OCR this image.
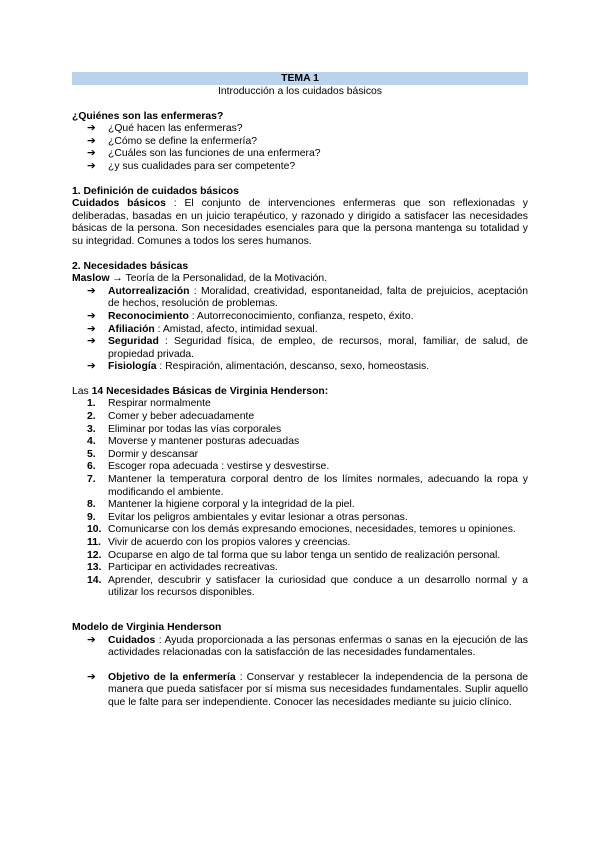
TEMA 1
Introducción a los cuidados básicos
¿Quiénes son las enfermeras?
➔ ¿Qué hacen las enfermeras?
➔ ¿Cómo se define la enfermería?
➔ ¿Cuáles son las funciones de una enfermera?
➔ ¿y sus cualidades para ser competente?
1. Definición de cuidados básicos
Cuidados básicos : El conjunto de intervenciones enfermeras que son reflexionadas y deliberadas, basadas en un juicio terapéutico, y razonado y dirigido a satisfacer las necesidades básicas de la persona. Son necesidades esenciales para que la persona mantenga su totalidad y su integridad. Comunes a todos los seres humanos.
2. Necesidades básicas
Maslow → Teoría de la Personalidad, de la Motivación.
➔ Autorrealización : Moralidad, creatividad, espontaneidad, falta de prejuicios, aceptación de hechos, resolución de problemas.
➔ Reconocimiento : Autorreconocimiento, confianza, respeto, éxito.
➔ Afiliación : Amistad, afecto, intimidad sexual.
➔ Seguridad : Seguridad física, de empleo, de recursos, moral, familiar, de salud, de propiedad privada.
➔ Fisiología : Respiración, alimentación, descanso, sexo, homeostasis.
Las 14 Necesidades Básicas de Virginia Henderson:
1.	Respirar normalmente
2.	Comer y beber adecuadamente
3.	Eliminar por todas las vías corporales
4.	Moverse y mantener posturas adecuadas
5.	Dormir y descansar
6.	Escoger ropa adecuada : vestirse y desvestirse.
7.	Mantener la temperatura corporal dentro de los límites normales, adecuando la ropa y modificando el ambiente.
8.	Mantener la higiene corporal y la integridad de la piel.
9.	Evitar los peligros ambientales y evitar lesionar a otras personas.
10. Comunicarse con los demás expresando emociones, necesidades, temores u opiniones.
11. Vivir de acuerdo con los propios valores y creencias.
12. Ocuparse en algo de tal forma que su labor tenga un sentido de realización personal.
13. Participar en actividades recreativas.
14. Aprender, descubrir y satisfacer la curiosidad que conduce a un desarrollo normal y a utilizar los recursos disponibles.
Modelo de Virginia Henderson
➔ Cuidados : Ayuda proporcionada a las personas enfermas o sanas en la ejecución de las actividades relacionadas con la satisfacción de las necesidades fundamentales.
➔ Objetivo de la enfermería : Conservar y restablecer la independencia de la persona de manera que pueda satisfacer por sí misma sus necesidades fundamentales. Suplir aquello que le falte para ser independiente. Conocer las necesidades mediante su juicio clínico.
